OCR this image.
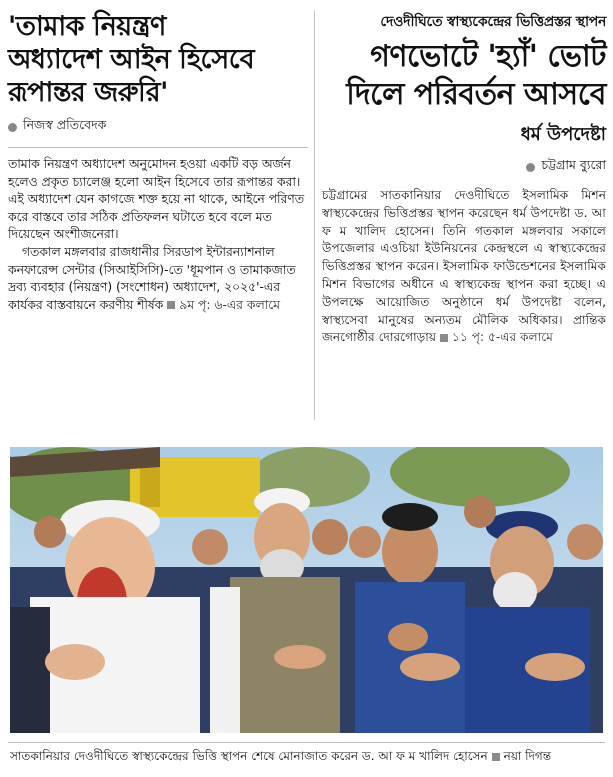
'তামাক নিয়ন্ত্রণ
অধ্যাদেশ আইন হিসেবে
রূপান্তর জরুরি'
নিজস্ব প্রতিবেদক

তামাক নিয়ন্ত্রণ অধ্যাদেশ অনুমোদন হওয়া একটি বড় অর্জন হলেও প্রকৃত চ্যালেঞ্জ হলো আইন হিসেবে তার রূপান্তর করা। এই অধ্যাদেশ যেন কাগজে শক্ত হয়ে না থাকে, আইনে পরিণত করে বাস্তবে তার সঠিক প্রতিফলন ঘটাতে হবে বলে মত দিয়েছেন অংশীজনেরা।

গতকাল মঙ্গলবার রাজধানীর সিরডাপ ইন্টারন্যাশনাল কনফারেন্স সেন্টার (সিআইসিসি)-তে 'ধূমপান ও তামাকজাত দ্রব্য ব্যবহার (নিয়ন্ত্রণ) (সংশোধন) অধ্যাদেশ, ২০২৫'-এর কার্যকর বাস্তবায়নে করণীয় শীর্ষক ৯ম পৃ: ৬-এর কলামে

দেওদীঘিতে স্বাস্থ্যকেন্দ্রের ভিত্তিপ্রস্তর স্থাপন
গণভোটে 'হ্যাঁ' ভোট
দিলে পরিবর্তন আসবে
ধর্ম উপদেষ্টা
চট্টগ্রাম ব্যুরো
চট্টগ্রামের সাতকানিয়ার দেওদীঘিতে ইসলামিক মিশন স্বাস্থ্যকেন্দ্রের ভিত্তিপ্রস্তর স্থাপন করেছেন ধর্ম উপদেষ্টা ড. আ ফ ম খালিদ হোসেন। তিনি গতকাল মঙ্গলবার সকালে উপজেলার এওচিয়া ইউনিয়নের কেন্দ্রস্থলে এ স্বাস্থ্যকেন্দ্রের ভিত্তিপ্রস্তর স্থাপন করেন। ইসলামিক ফাউন্ডেশনের ইসলামিক মিশন বিভাগের অধীনে এ স্বাস্থ্যকেন্দ্র স্থাপন করা হচ্ছে। এ উপলক্ষে আয়োজিত অনুষ্ঠানে ধর্ম উপদেষ্টা বলেন, স্বাস্থ্যসেবা মানুষের অন্যতম মৌলিক অধিকার। প্রান্তিক জনগোষ্ঠীর দোরগোড়ায় ১১ পৃ: ৫-এর কলামে
সাতকানিয়ার দেওদীঘিতে স্বাস্থ্যকেন্দ্রের ভিত্তি স্থাপন শেষে মোনাজাত করেন ড. আ ফ ম খালিদ হোসেন নয়া দিগন্ত
